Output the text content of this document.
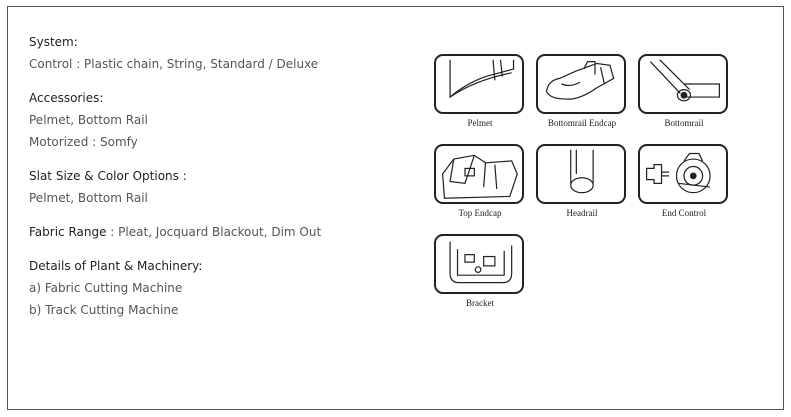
System:
Control : Plastic chain, String, Standard / Deluxe
Accessories:
Pelmet, Bottom Rail
Motorized : Somfy
Slat Size & Color Options :
Pelmet, Bottom Rail
Fabric Range : Pleat, Jocquard Blackout, Dim Out
Details of Plant & Machinery:
a) Fabric Cutting Machine
b) Track Cutting Machine
Pelmet	Bottomrail Endcap	Bottomrail
Top Endcap	Headrail	End Control
Bracket
